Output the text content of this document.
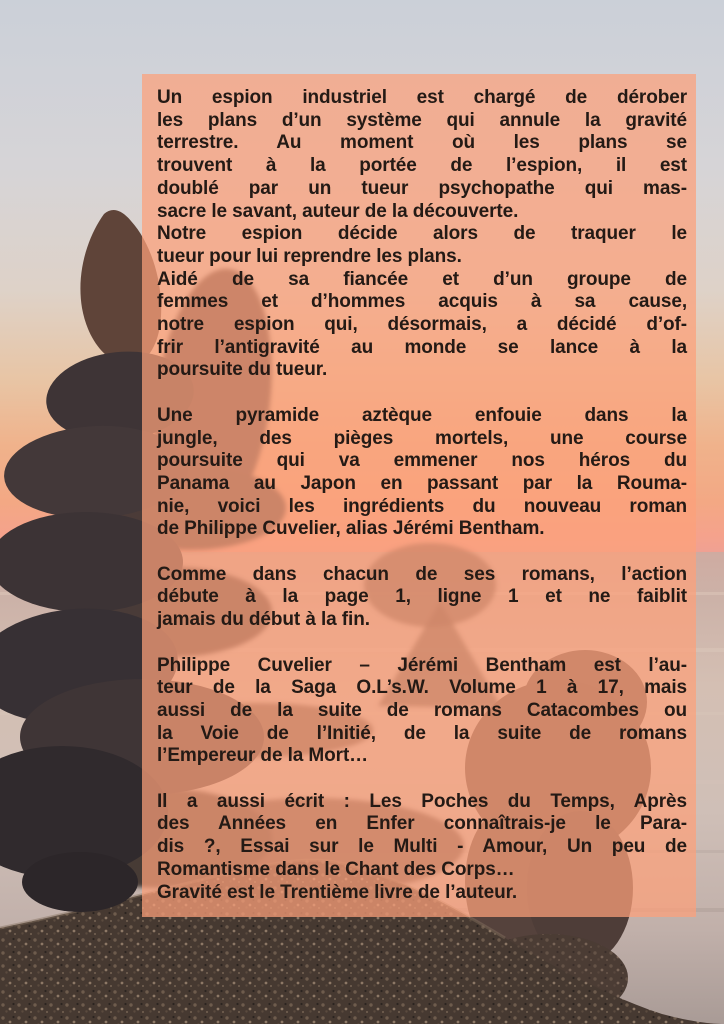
Un espion industriel est chargé de dérober
les plans d’un système qui annule la gravité
terrestre. Au moment où les plans se
trouvent à la portée de l’espion, il est
doublé par un tueur psychopathe qui mas-
sacre le savant, auteur de la découverte.
Notre espion décide alors de traquer le
tueur pour lui reprendre les plans.
Aidé de sa fiancée et d’un groupe de
femmes et d’hommes acquis à sa cause,
notre espion qui, désormais, a décidé d’of-
frir l’antigravité au monde se lance à la
poursuite du tueur.
Une pyramide aztèque enfouie dans la
jungle, des pièges mortels, une course
poursuite qui va emmener nos héros du
Panama au Japon en passant par la Rouma-
nie, voici les ingrédients du nouveau roman
de Philippe Cuvelier, alias Jérémi Bentham.
Comme dans chacun de ses romans, l’action
débute à la page 1, ligne 1 et ne faiblit
jamais du début à la fin.
Philippe Cuvelier – Jérémi Bentham est l’au-
teur de la Saga O.L’s.W. Volume 1 à 17, mais
aussi de la suite de romans Catacombes ou
la Voie de l’Initié, de la suite de romans
l’Empereur de la Mort…
Il a aussi écrit : Les Poches du Temps, Après
des Années en Enfer connaîtrais-je le Para-
dis ?, Essai sur le Multi - Amour, Un peu de
Romantisme dans le Chant des Corps…
Gravité est le Trentième livre de l’auteur.
